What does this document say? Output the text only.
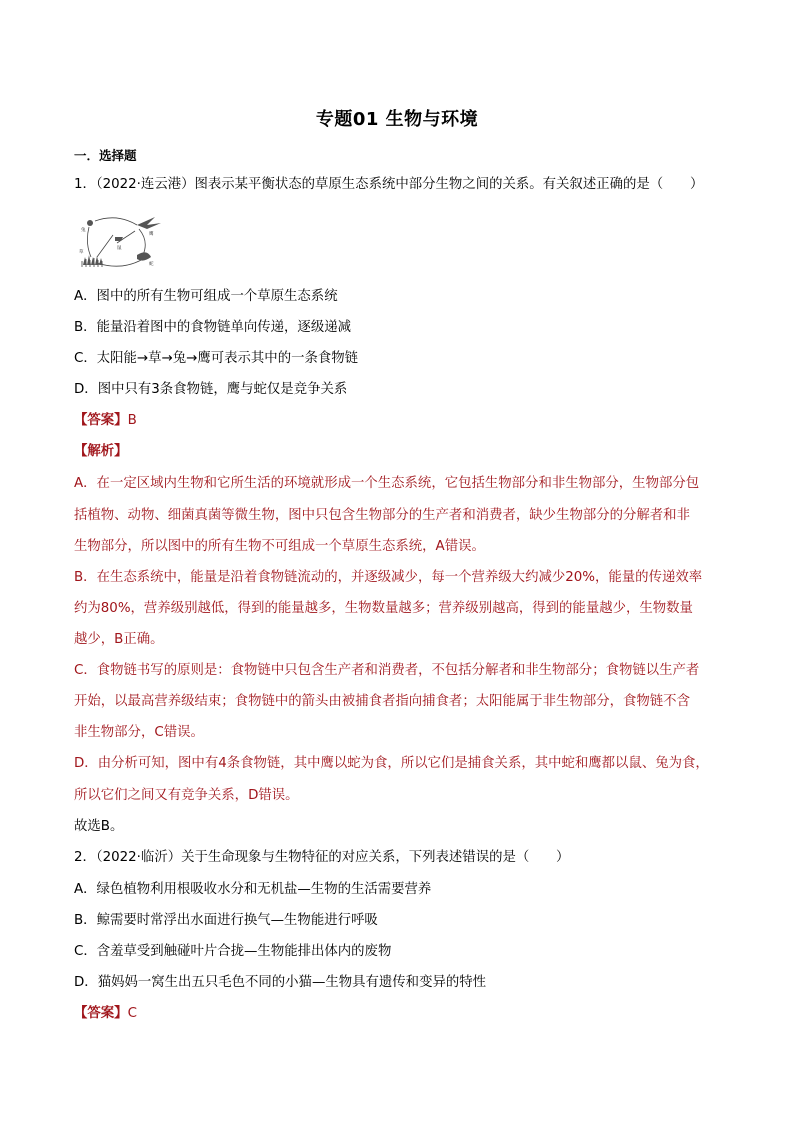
专题01 生物与环境
一．选择题
1．（2022·连云港）图表示某平衡状态的草原生态系统中部分生物之间的关系。有关叙述正确的是（　　）
兔
鹰
草
鼠
蛇
A．图中的所有生物可组成一个草原生态系统
B．能量沿着图中的食物链单向传递，逐级递减
C．太阳能→草→兔→鹰可表示其中的一条食物链
D．图中只有3条食物链，鹰与蛇仅是竞争关系
【答案】B
【解析】
A．在一定区域内生物和它所生活的环境就形成一个生态系统，它包括生物部分和非生物部分，生物部分包
括植物、动物、细菌真菌等微生物，图中只包含生物部分的生产者和消费者，缺少生物部分的分解者和非
生物部分，所以图中的所有生物不可组成一个草原生态系统，A错误。
B．在生态系统中，能量是沿着食物链流动的，并逐级减少，每一个营养级大约减少20%，能量的传递效率
约为80%，营养级别越低，得到的能量越多，生物数量越多；营养级别越高，得到的能量越少，生物数量
越少，B正确。
C．食物链书写的原则是：食物链中只包含生产者和消费者，不包括分解者和非生物部分；食物链以生产者
开始，以最高营养级结束；食物链中的箭头由被捕食者指向捕食者；太阳能属于非生物部分，食物链不含
非生物部分，C错误。
D．由分析可知，图中有4条食物链，其中鹰以蛇为食，所以它们是捕食关系，其中蛇和鹰都以鼠、兔为食，
所以它们之间又有竞争关系，D错误。
故选B。
2．（2022·临沂）关于生命现象与生物特征的对应关系，下列表述错误的是（　　）
A．绿色植物利用根吸收水分和无机盐—生物的生活需要营养
B．鲸需要时常浮出水面进行换气—生物能进行呼吸
C．含羞草受到触碰叶片合拢—生物能排出体内的废物
D．猫妈妈一窝生出五只毛色不同的小猫—生物具有遗传和变异的特性
【答案】C
